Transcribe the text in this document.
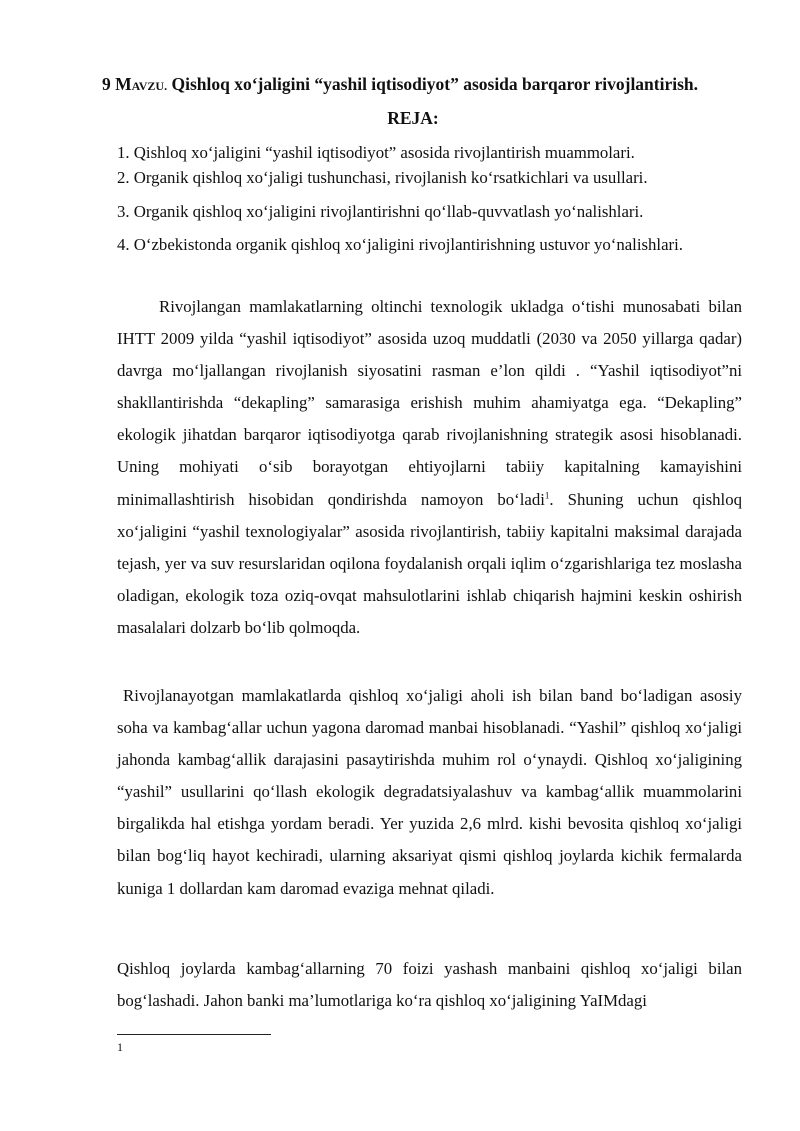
9 MAVZU. Qishloq xo‘jaligini “yashil iqtisodiyot” asosida barqaror rivojlantirish.
REJA:
1. Qishloq xo‘jaligini “yashil iqtisodiyot” asosida rivojlantirish muammolari.
2. Organik qishloq xo‘jaligi tushunchasi, rivojlanish ko‘rsatkichlari va usullari.
3. Organik qishloq xo‘jaligini rivojlantirishni qo‘llab-quvvatlash yo‘nalishlari.
4. O‘zbekistonda organik qishloq xo‘jaligini rivojlantirishning ustuvor yo‘nalishlari.

Rivojlangan mamlakatlarning oltinchi texnologik ukladga o‘tishi munosabati bilan IHTT 2009 yilda “yashil iqtisodiyot” asosida uzoq muddatli (2030 va 2050 yillarga qadar) davrga mo‘ljallangan rivojlanish siyosatini rasman e’lon qildi . “Yashil iqtisodiyot”ni shakllantirishda “dekapling” samarasiga erishish muhim ahamiyatga ega. “Dekapling” ekologik jihatdan barqaror iqtisodiyotga qarab rivojlanishning strategik asosi hisoblanadi. Uning mohiyati o‘sib borayotgan ehtiyojlarni tabiiy kapitalning kamayishini minimallashtirish hisobidan qondirishda namoyon bo‘ladi$^1$. Shuning uchun qishloq xo‘jaligini “yashil texnologiyalar” asosida rivojlantirish, tabiiy kapitalni maksimal darajada tejash, yer va suv resurslaridan oqilona foydalanish orqali iqlim o‘zgarishlariga tez moslasha oladigan, ekologik toza oziq-ovqat mahsulotlarini ishlab chiqarish hajmini keskin oshirish masalalari dolzarb bo‘lib qolmoqda.

Rivojlanayotgan mamlakatlarda qishloq xo‘jaligi aholi ish bilan band bo‘ladigan asosiy soha va kambag‘allar uchun yagona daromad manbai hisoblanadi. “Yashil” qishloq xo‘jaligi jahonda kambag‘allik darajasini pasaytirishda muhim rol o‘ynaydi. Qishloq xo‘jaligining “yashil” usullarini qo‘llash ekologik degradatsiyalashuv va kambag‘allik muammolarini birgalikda hal etishga yordam beradi. Yer yuzida 2,6 mlrd. kishi bevosita qishloq xo‘jaligi bilan bog‘liq hayot kechiradi, ularning aksariyat qismi qishloq joylarda kichik fermalarda kuniga 1 dollardan kam daromad evaziga mehnat qiladi.

Qishloq joylarda kambag‘allarning 70 foizi yashash manbaini qishloq xo‘jaligi bilan bog‘lashadi. Jahon banki ma’lumotlariga ko‘ra qishloq xo‘jaligining YaIMdagi

1
